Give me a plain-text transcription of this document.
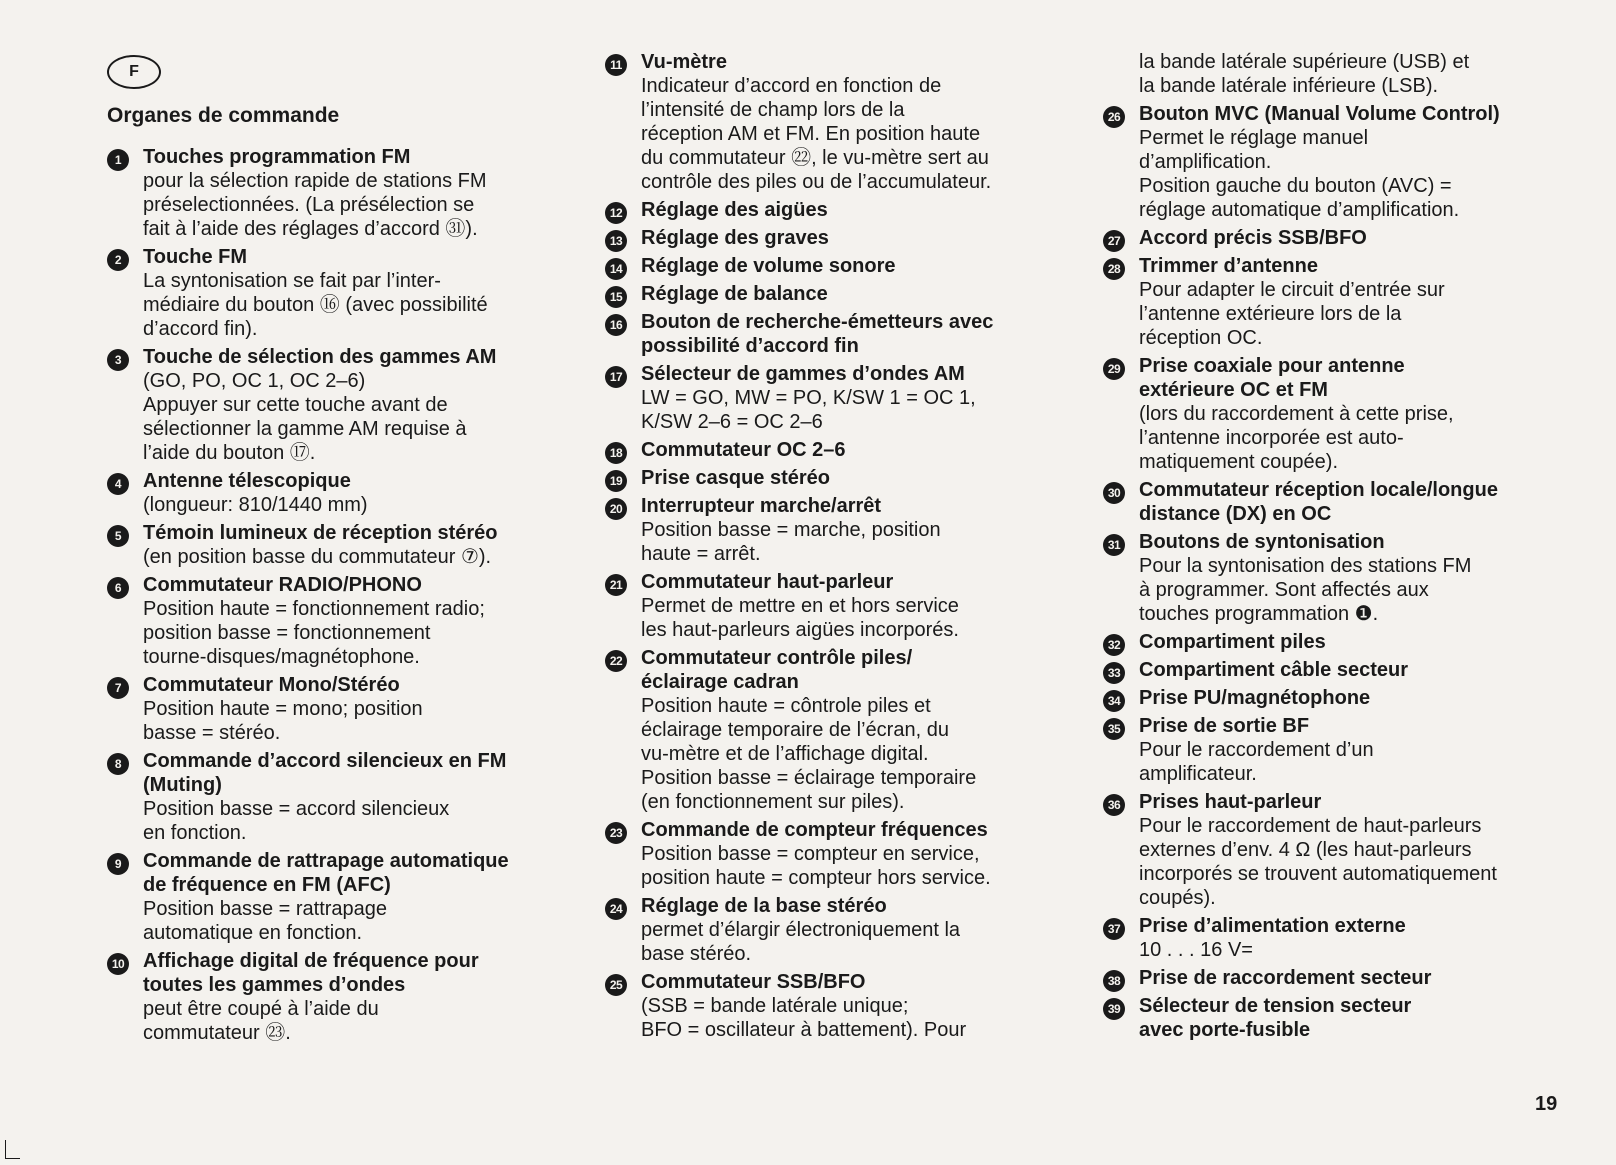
F
Organes de commande
1	Touches programmation FM
pour la sélection rapide de stations FM
préselectionnées. (La présélection se
fait à l’aide des réglages d’accord ㉛).
2	Touche FM
La syntonisation se fait par l’inter-
médiaire du bouton ⑯ (avec possibilité
d’accord fin).
3	Touche de sélection des gammes AM
(GO, PO, OC 1, OC 2–6)
Appuyer sur cette touche avant de
sélectionner la gamme AM requise à
l’aide du bouton ⑰.
4	Antenne télescopique
(longueur: 810/1440 mm)
5	Témoin lumineux de réception stéréo
(en position basse du commutateur ⑦).
6	Commutateur RADIO/PHONO
Position haute = fonctionnement radio;
position basse = fonctionnement
tourne-disques/magnétophone.
7	Commutateur Mono/Stéréo
Position haute = mono; position
basse = stéréo.
8	Commande d’accord silencieux en FM
(Muting)
Position basse = accord silencieux
en fonction.
9	Commande de rattrapage automatique
de fréquence en FM (AFC)
Position basse = rattrapage
automatique en fonction.
10 Affichage digital de fréquence pour
toutes les gammes d’ondes
peut être coupé à l’aide du
commutateur ㉓.
11 Vu-mètre
Indicateur d’accord en fonction de
l’intensité de champ lors de la
réception AM et FM. En position haute
du commutateur ㉒, le vu-mètre sert au
contrôle des piles ou de l’accumulateur.
12 Réglage des aigües
13 Réglage des graves
14 Réglage de volume sonore
15 Réglage de balance
16 Bouton de recherche-émetteurs avec
possibilité d’accord fin
17 Sélecteur de gammes d’ondes AM
LW = GO, MW = PO, K/SW 1 = OC 1,
K/SW 2–6 = OC 2–6
18 Commutateur OC 2–6
19 Prise casque stéréo
20 Interrupteur marche/arrêt
Position basse = marche, position
haute = arrêt.
21 Commutateur haut-parleur
Permet de mettre en et hors service
les haut-parleurs aigües incorporés.
22 Commutateur contrôle piles/
éclairage cadran
Position haute = côntrole piles et
éclairage temporaire de l’écran, du
vu-mètre et de l’affichage digital.
Position basse = éclairage temporaire
(en fonctionnement sur piles).
23 Commande de compteur fréquences
Position basse = compteur en service,
position haute = compteur hors service.
24 Réglage de la base stéréo
permet d’élargir électroniquement la
base stéréo.
25 Commutateur SSB/BFO
(SSB = bande latérale unique;
BFO = oscillateur à battement). Pour
la bande latérale supérieure (USB) et
la bande latérale inférieure (LSB).
26 Bouton MVC (Manual Volume Control)
Permet le réglage manuel
d’amplification.
Position gauche du bouton (AVC) =
réglage automatique d’amplification.
27 Accord précis SSB/BFO
28 Trimmer d’antenne
Pour adapter le circuit d’entrée sur
l’antenne extérieure lors de la
réception OC.
29 Prise coaxiale pour antenne
extérieure OC et FM
(lors du raccordement à cette prise,
l’antenne incorporée est auto-
matiquement coupée).
30 Commutateur réception locale/longue
distance (DX) en OC
31 Boutons de syntonisation
Pour la syntonisation des stations FM
à programmer. Sont affectés aux
touches programmation ❶.
32 Compartiment piles
33 Compartiment câble secteur
34 Prise PU/magnétophone
35 Prise de sortie BF
Pour le raccordement d’un
amplificateur.
36 Prises haut-parleur
Pour le raccordement de haut-parleurs
externes d’env. 4 Ω (les haut-parleurs
incorporés se trouvent automatiquement
coupés).
37 Prise d’alimentation externe
10 . . . 16 V=
38 Prise de raccordement secteur
39 Sélecteur de tension secteur
avec porte-fusible
19
